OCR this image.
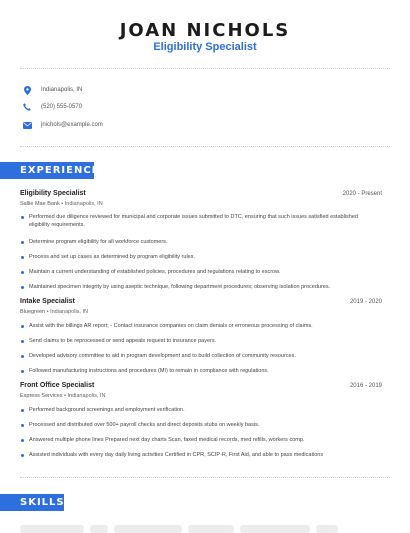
JOAN NICHOLS
Eligibility Specialist
Indianapolis, IN
(520) 555-0570
jnichols@example.com
EXPERIENCE
Eligibility Specialist	2020 - Present
Sallie Mae Bank • Indianapolis, IN
Performed due diligence reviewed for municipal and corporate issues submitted to DTC, ensuring that such issues satisfied established eligibility requirements.
Determine program eligibility for all workforce customers.
Process and set up cases as determined by program eligibility rules.
Maintain a current understanding of established policies, procedures and regulations relating to escrow.
Maintained specimen integrity by using aseptic technique, following department procedures; observing isolation procedures.
Intake Specialist	2019 - 2020
Bluegreen • Indianapolis, IN
Assist with the billings AR report; - Contact insurance companies on claim denials or erroneous processing of claims.
Send claims to be reprocessed or send appeals request to insurance payers.
Developed advisory committee to aid in program development and to build collection of community resources.
Followed manufacturing instructions and procedures (MI) to remain in compliance with regulations.
Front Office Specialist	2016 - 2019
Express Services • Indianapolis, IN
Performed background screenings and employment verification.
Processed and distributed over 500+ payroll checks and direct deposits stubs on weekly basis.
Answered multiple phone lines Prepared next day charts Scan, faxed medical records, med refills, workers comp.
Assisted individuals with every day daily living activities Certified in CPR, SCIP-R, First Aid, and able to pass medications
SKILLS
